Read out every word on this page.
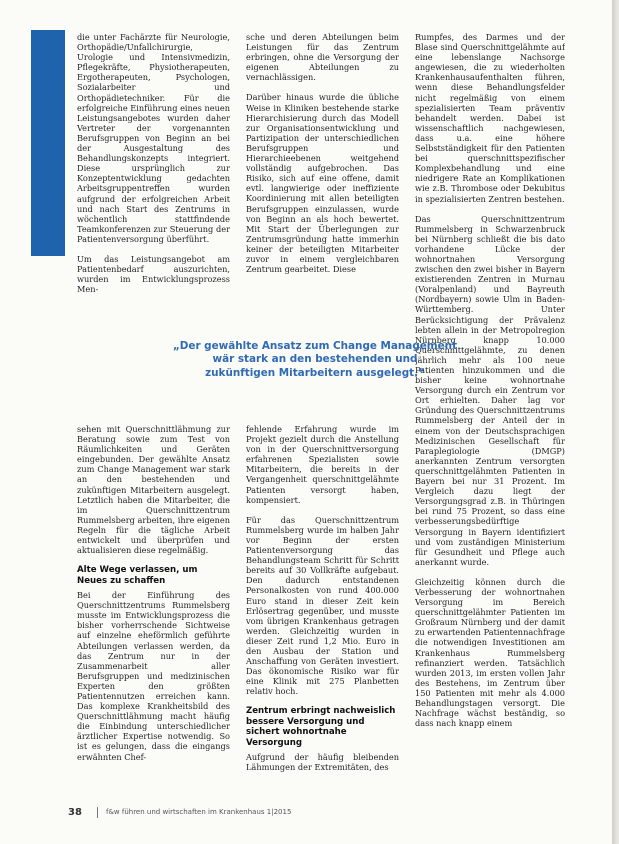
KLEINE KRANKENHÄUSER

die unter Fachärzte für Neurologie, Orthopädie/Unfallchirurgie, Urologie und Intensivmedizin, Pflegekräfte, Physiotherapeuten, Ergotherapeuten, Psychologen, Sozialarbeiter und Orthopädietechniker. Für die erfolgreiche Einführung eines neuen Leistungsangebotes wurden daher Vertreter der vorgenannten Berufsgruppen von Beginn an bei der Ausgestaltung des Behandlungskonzepts integriert. Diese ursprünglich zur Konzeptentwicklung gedachten Arbeitsgruppentreffen wurden aufgrund der erfolgreichen Arbeit und nach Start des Zentrums in wöchentlich stattfindende Teamkonferenzen zur Steuerung der Patientenversorgung überführt.

Um das Leistungsangebot am Patientenbedarf auszurichten, wurden im Entwicklungsprozess Men-

sche und deren Abteilungen beim Leistungen für das Zentrum erbringen, ohne die Versorgung der eigenen Abteilungen zu vernachlässigen.

Darüber hinaus wurde die übliche Weise in Kliniken bestehende starke Hierarchisierung durch das Modell zur Organisationsentwicklung und Partizipation der unterschiedlichen Berufsgruppen und Hierarchieebenen weitgehend vollständig aufgebrochen. Das Risiko, sich auf eine offene, damit evtl. langwierige oder ineffiziente Koordinierung mit allen beteiligten Berufsgruppen einzulassen, wurde von Beginn an als hoch bewertet. Mit Start der Überlegungen zur Zentrumsgründung hatte immerhin keiner der beteiligten Mitarbeiter zuvor in einem vergleichbaren Zentrum gearbeitet. Diese

Rumpfes, des Darmes und der Blase sind Querschnittgelähmte auf eine lebenslange Nachsorge angewiesen, die zu wiederholten Krankenhausaufenthalten führen, wenn diese Behandlungsfelder nicht regelmäßig von einem spezialisierten Team präventiv behandelt werden. Dabei ist wissenschaftlich nachgewiesen, dass u.a. eine höhere Selbstständigkeit für den Patienten bei querschnittspezifischer Komplexbehandlung und eine niedrigere Rate an Komplikationen wie z.B. Thrombose oder Dekubitus in spezialisierten Zentren bestehen.

Das Querschnittzentrum Rummelsberg in Schwarzenbruck bei Nürnberg schließt die bis dato vorhandene Lücke der wohnortnahen Versorgung zwischen den zwei bisher in Bayern existierenden Zentren in Murnau (Voralpenland) und Bayreuth (Nordbayern) sowie Ulm in Baden-Württemberg. Unter Berücksichtigung der Prävalenz lebten allein in der Metropolregion Nürnberg knapp 10.000 Querschnittgelähmte, zu denen jährlich mehr als 100 neue Patienten hinzukommen und die bisher keine wohnortnahe Versorgung durch ein Zentrum vor Ort erhielten. Daher lag vor Gründung des Querschnittzentrums Rummelsberg der Anteil der in einem von der Deutschsprachigen Medizinischen Gesellschaft für Paraplegiologie (DMGP) anerkannten Zentrum versorgten querschnittgelähmten Patienten in Bayern bei nur 31 Prozent. Im Vergleich dazu liegt der Versorgungsgrad z.B. in Thüringen bei rund 75 Prozent, so dass eine verbesserungsbedürftige Versorgung in Bayern identifiziert und vom zuständigen Ministerium für Gesundheit und Pflege auch anerkannt wurde.

Gleichzeitig können durch die Verbesserung der wohnortnahen Versorgung im Bereich querschnittgelähmter Patienten im Großraum Nürnberg und der damit zu erwartenden Patientennachfrage die notwendigen Investitionen am Krankenhaus Rummelsberg refinanziert werden. Tatsächlich wurden 2013, im ersten vollen Jahr des Bestehens, im Zentrum über 150 Patienten mit mehr als 4.000 Behandlungstagen versorgt. Die Nachfrage wächst beständig, so dass nach knapp einem

„Der gewählte Ansatz zum Change Management
wär stark an den bestehenden und
zukünftigen Mitarbeitern ausgelegt.“

sehen mit Querschnittlähmung zur Beratung sowie zum Test von Räumlichkeiten und Geräten eingebunden. Der gewählte Ansatz zum Change Management war stark an den bestehenden und zukünftigen Mitarbeitern ausgelegt. Letztlich haben die Mitarbeiter, die im Querschnittzentrum Rummelsberg arbeiten, ihre eigenen Regeln für die tägliche Arbeit entwickelt und überprüfen und aktualisieren diese regelmäßig.

Alte Wege verlassen, um Neues zu schaffen

Bei der Einführung des Querschnittzentrums Rummelsberg musste im Entwicklungsprozess die bisher vorherrschende Sichtweise auf einzelne eheförmlich geführte Abteilungen verlassen werden, da das Zentrum nur in der Zusammenarbeit aller Berufsgruppen und medizinischen Experten den größten Patientennutzen erreichen kann. Das komplexe Krankheitsbild des Querschnittlähmung macht häufig die Einbindung unterschiedlicher ärztlicher Expertise notwendig. So ist es gelungen, dass die eingangs erwähnten Chef-

fehlende Erfahrung wurde im Projekt gezielt durch die Anstellung von in der Querschnittversorgung erfahrenen Spezialisten sowie Mitarbeitern, die bereits in der Vergangenheit querschnittgelähmte Patienten versorgt haben, kompensiert.

Für das Querschnittzentrum Rummelsberg wurde im halben Jahr vor Beginn der ersten Patientenversorgung das Behandlungsteam Schritt für Schritt bereits auf 30 Vollkräfte aufgebaut. Den dadurch entstandenen Personalkosten von rund 400.000 Euro stand in dieser Zeit kein Erlösertrag gegenüber, und musste vom übrigen Krankenhaus getragen werden. Gleichzeitig wurden in dieser Zeit rund 1,2 Mio. Euro in den Ausbau der Station und Anschaffung von Geräten investiert. Das ökonomische Risiko war für eine Klinik mit 275 Planbetten relativ hoch.

Zentrum erbringt nachweislich bessere Versorgung und sichert wohnortnahe Versorgung

Aufgrund der häufig bleibenden Lähmungen der Extremitäten, des

38	f&w führen und wirtschaften im Krankenhaus 1|2015
